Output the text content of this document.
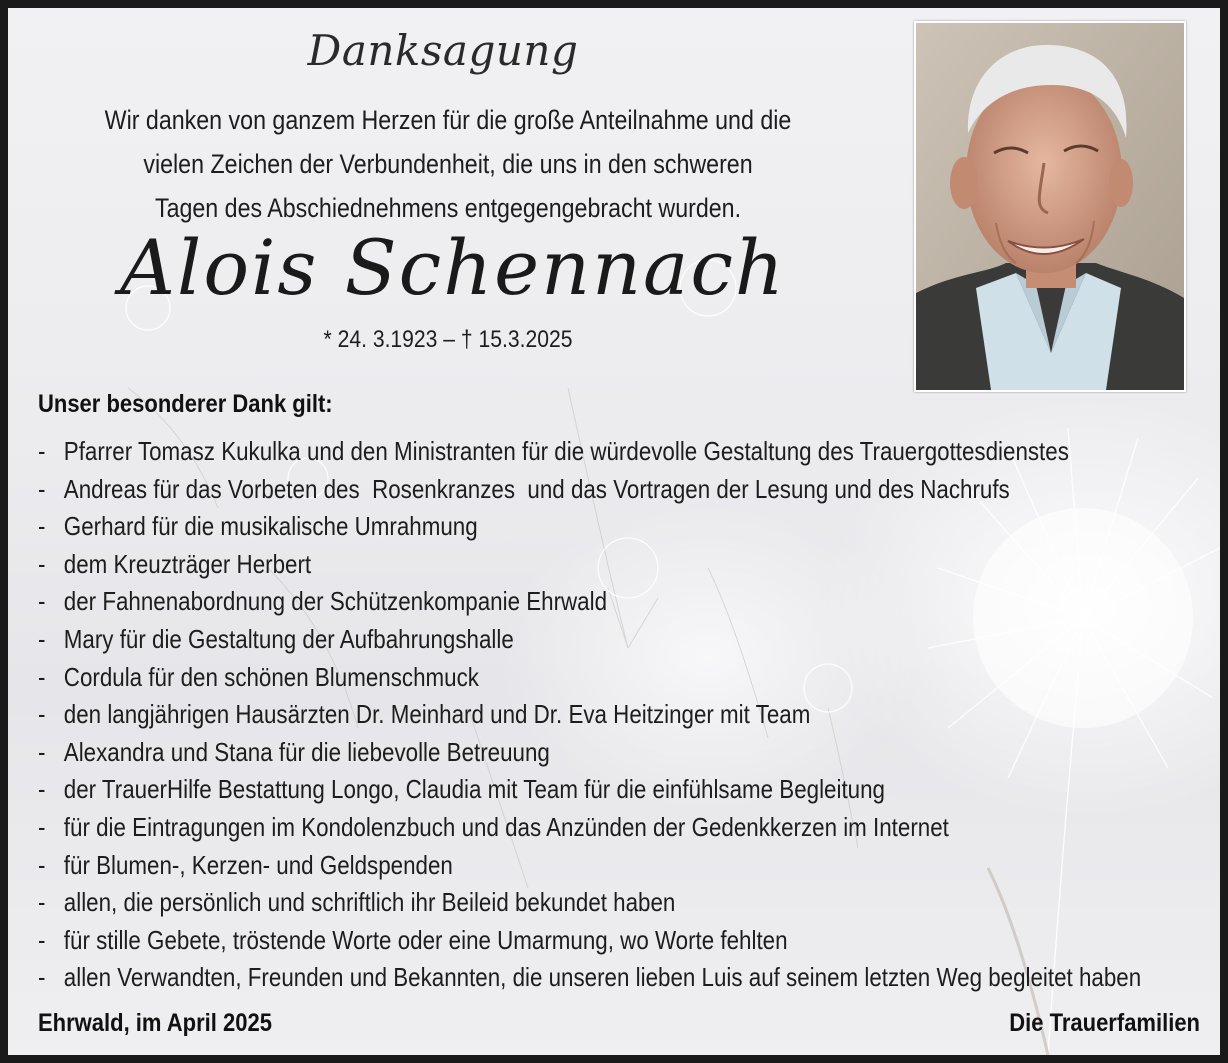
Danksagung
Wir danken von ganzem Herzen für die große Anteilnahme und die
vielen Zeichen der Verbundenheit, die uns in den schweren
Tagen des Abschiednehmens entgegengebracht wurden.
Alois Schennach
* 24. 3.1923 – † 15.3.2025
Unser besonderer Dank gilt:
- Pfarrer Tomasz Kukulka und den Ministranten für die würdevolle Gestaltung des Trauergottesdienstes
- Andreas für das Vorbeten des  Rosenkranzes  und das Vortragen der Lesung und des Nachrufs
- Gerhard für die musikalische Umrahmung
- dem Kreuzträger Herbert
- der Fahnenabordnung der Schützenkompanie Ehrwald
- Mary für die Gestaltung der Aufbahrungshalle
- Cordula für den schönen Blumenschmuck
- den langjährigen Hausärzten Dr. Meinhard und Dr. Eva Heitzinger mit Team
- Alexandra und Stana für die liebevolle Betreuung
- der TrauerHilfe Bestattung Longo, Claudia mit Team für die einfühlsame Begleitung
- für die Eintragungen im Kondolenzbuch und das Anzünden der Gedenkkerzen im Internet
- für Blumen-, Kerzen- und Geldspenden
- allen, die persönlich und schriftlich ihr Beileid bekundet haben
- für stille Gebete, tröstende Worte oder eine Umarmung, wo Worte fehlten
- allen Verwandten, Freunden und Bekannten, die unseren lieben Luis auf seinem letzten Weg begleitet haben
Ehrwald, im April 2025	Die Trauerfamilien
